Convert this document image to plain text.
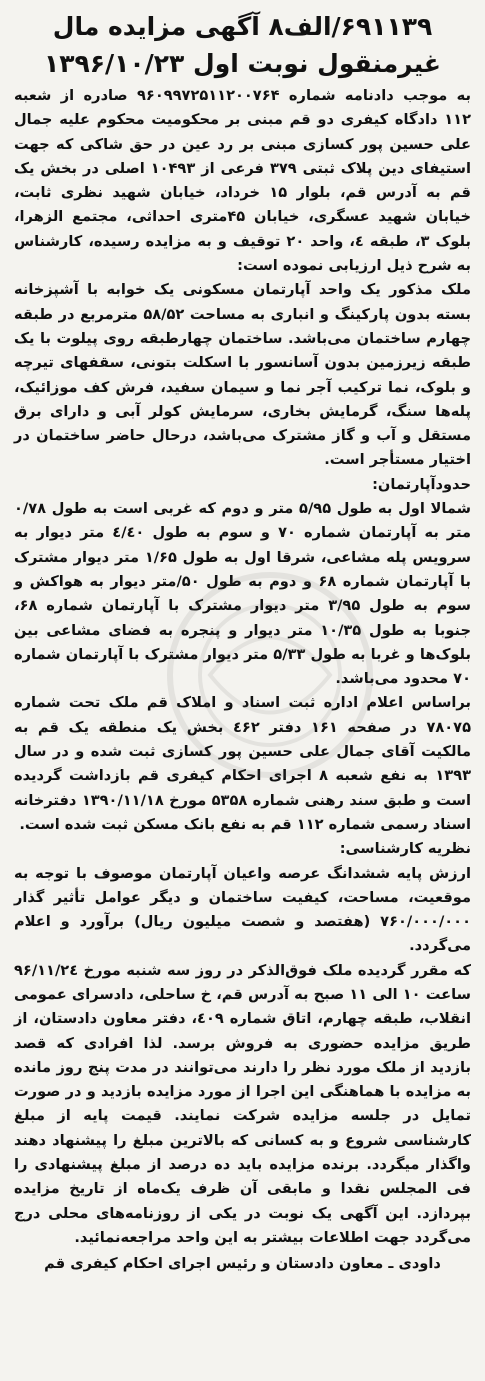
۶۹۱۱۳۹/الف۸ آگهی مزایده مال
غیرمنقول نوبت اول ۱۳۹۶/۱۰/۲۳

به موجب دادنامه شماره ۹۶۰۹۹۷۲۵۱۱۲۰۰۷۶۴ صادره از شعبه ۱۱۲ دادگاه کیفری دو قم مبنی بر محکومیت محکوم علیه جمال علی حسین پور کسازی مبنی بر رد عین در حق شاکی که جهت استیفای دین پلاک ثبتی ۳۷۹ فرعی از ۱۰۴۹۳ اصلی در بخش یک قم به آدرس قم، بلوار ۱۵ خرداد، خیابان شهید نظری ثابت، خیابان شهید عسگری، خیابان ۴۵متری احداثی، مجتمع الزهرا، بلوک ۳، طبقه ٤، واحد ۲۰ توقیف و به مزایده رسیده، کارشناس به شرح ذیل ارزیابی نموده است:

ملک مذکور یک واحد آپارتمان مسکونی یک خوابه با آشپزخانه بسته بدون پارکینگ و انباری به مساحت ۵۸/۵۲ مترمربع در طبقه چهارم ساختمان می‌باشد. ساختمان چهارطبقه روی پیلوت با یک طبقه زیرزمین بدون آسانسور با اسکلت بتونی، سقفهای تیرچه و بلوک، نما ترکیب آجر نما و سیمان سفید، فرش کف موزائیک، پله‌ها سنگ، گرمایش بخاری، سرمایش کولر آبی و دارای برق مستقل و آب و گاز مشترک می‌باشد، درحال حاضر ساختمان در اختیار مستأجر است.

حدودآپارتمان:

شمالا اول به طول ۵/۹۵ متر و دوم که غربی است به طول ۰/۷۸ متر به آپارتمان شماره ۷۰ و سوم به طول ٤/٤۰ متر دیوار به سرویس پله مشاعی، شرقا اول به طول ۱/۶۵ متر دیوار مشترک با آپارتمان شماره ۶۸ و دوم به طول ۵۰/متر دیوار به هواکش و سوم به طول ۳/۹۵ متر دیوار مشترک با آپارتمان شماره ۶۸، جنوبا به طول ۱۰/۳۵ متر دیوار و پنجره به فضای مشاعی بین بلوک‌ها و غربا به طول ۵/۳۳ متر دیوار مشترک با آپارتمان شماره ۷۰ محدود می‌باشد.

براساس اعلام اداره ثبت اسناد و املاک قم ملک تحت شماره ۷۸۰۷۵ در صفحه ۱۶۱ دفتر ٤۶۲ بخش یک منطقه یک قم به مالکیت آقای جمال علی حسین پور کسازی ثبت شده و در سال ۱۳۹۳ به نفع شعبه ۸ اجرای احکام کیفری قم بازداشت گردیده است و طبق سند رهنی شماره ۵۳۵۸ مورخ ۱۳۹۰/۱۱/۱۸ دفترخانه اسناد رسمی شماره ۱۱۲ قم به نفع بانک مسکن ثبت شده است.

نظریه کارشناسی:

ارزش پایه ششدانگ عرصه واعیان آپارتمان موصوف با توجه به موقعیت، مساحت، کیفیت ساختمان و دیگر عوامل تأثیر گذار ۷۶۰/۰۰۰/۰۰۰ (هفتصد و شصت میلیون ریال) برآورد و اعلام می‌گردد.

که مقرر گردیده ملک فوق‌الذکر در روز سه شنبه مورخ ۹۶/۱۱/۲٤ ساعت ۱۰ الی ۱۱ صبح به آدرس قم، خ ساحلی، دادسرای عمومی انقلاب، طبقه چهارم، اتاق شماره ٤۰۹، دفتر معاون دادستان، از طریق مزایده حضوری به فروش برسد. لذا افرادی که قصد بازدید از ملک مورد نظر را دارند می‌توانند در مدت پنج روز مانده به مزایده با هماهنگی این اجرا از مورد مزایده بازدید و در صورت تمایل در جلسه مزایده شرکت نمایند. قیمت پایه از مبلغ کارشناسی شروع و به کسانی که بالاترین مبلغ را پیشنهاد دهند واگذار میگردد. برنده مزایده باید ده درصد از مبلغ پیشنهادی را فی المجلس نقدا و مابقی آن ظرف یک‌ماه از تاریخ مزایده بپردازد. این آگهی یک نوبت در یکی از روزنامه‌های محلی درج می‌گردد جهت اطلاعات بیشتر به این واحد مراجعه‌نمائید.

داودی ـ معاون دادستان و رئیس اجرای احکام کیفری قم
